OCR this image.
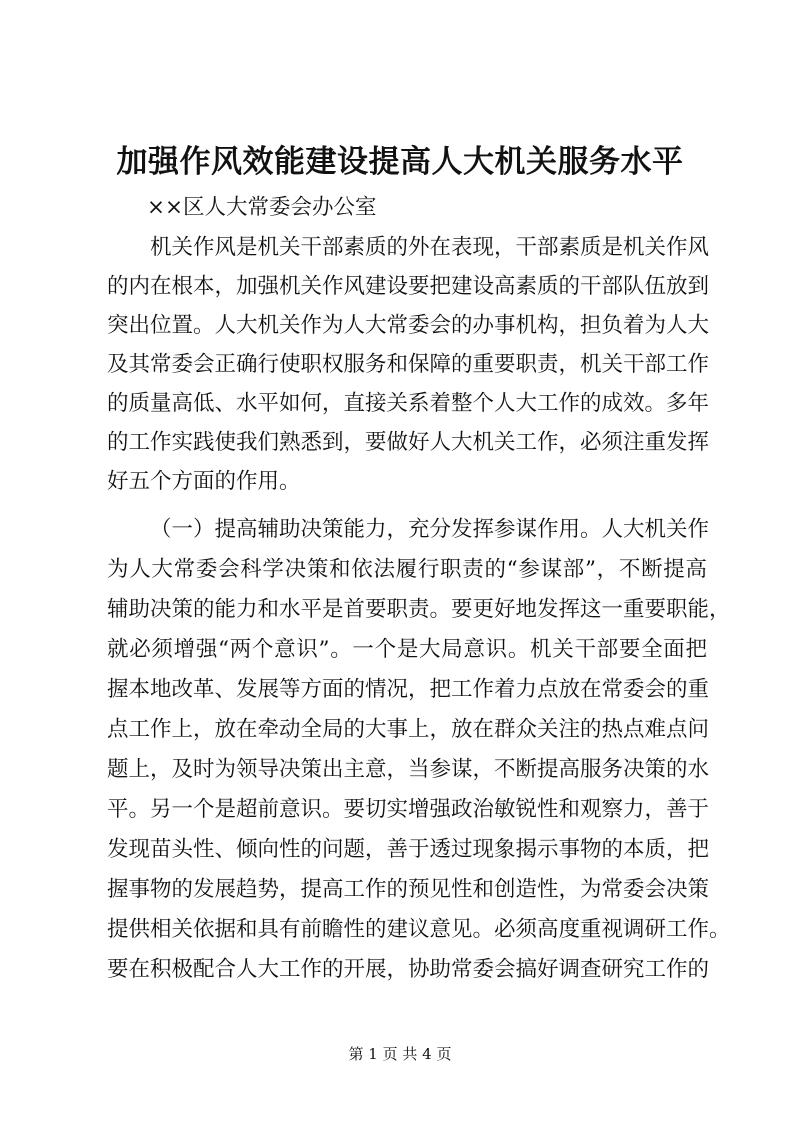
加强作风效能建设提高人大机关服务水平
××区人大常委会办公室
机关作风是机关干部素质的外在表现，干部素质是机关作风
的内在根本，加强机关作风建设要把建设高素质的干部队伍放到
突出位置。人大机关作为人大常委会的办事机构，担负着为人大
及其常委会正确行使职权服务和保障的重要职责，机关干部工作
的质量高低、水平如何，直接关系着整个人大工作的成效。多年
的工作实践使我们熟悉到，要做好人大机关工作，必须注重发挥
好五个方面的作用。
（一）提高辅助决策能力，充分发挥参谋作用。人大机关作
为人大常委会科学决策和依法履行职责的“参谋部”，不断提高
辅助决策的能力和水平是首要职责。要更好地发挥这一重要职能，
就必须增强“两个意识”。一个是大局意识。机关干部要全面把
握本地改革、发展等方面的情况，把工作着力点放在常委会的重
点工作上，放在牵动全局的大事上，放在群众关注的热点难点问
题上，及时为领导决策出主意，当参谋，不断提高服务决策的水
平。另一个是超前意识。要切实增强政治敏锐性和观察力，善于
发现苗头性、倾向性的问题，善于透过现象揭示事物的本质，把
握事物的发展趋势，提高工作的预见性和创造性，为常委会决策
提供相关依据和具有前瞻性的建议意见。必须高度重视调研工作。
要在积极配合人大工作的开展，协助常委会搞好调查研究工作的
第 1 页 共 4 页
